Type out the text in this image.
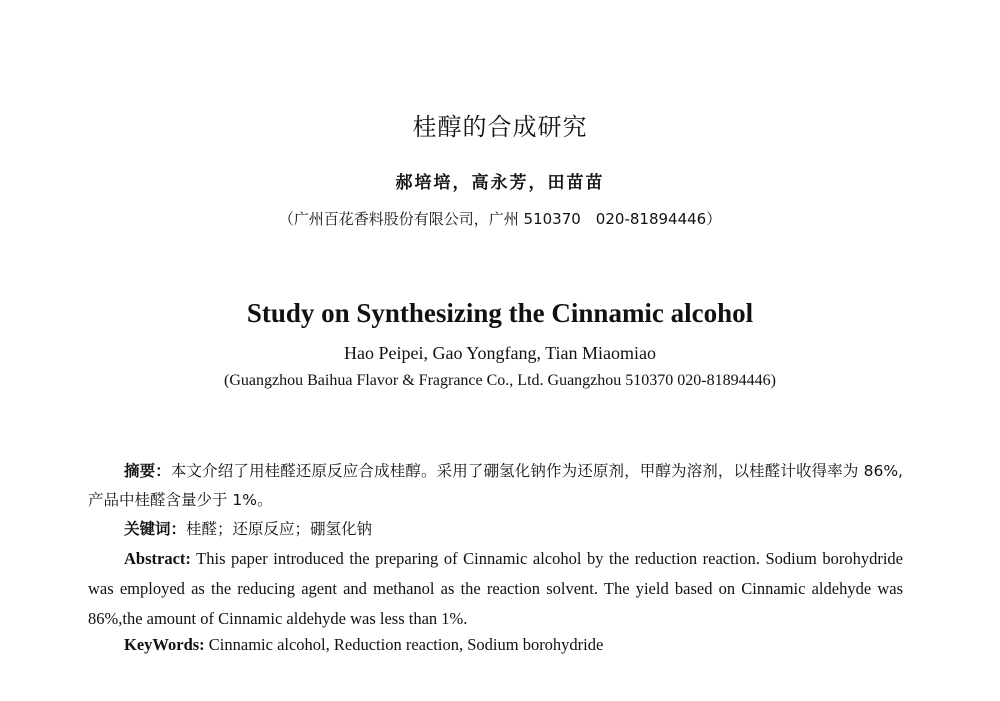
桂醇的合成研究
郝培培，高永芳，田苗苗
（广州百花香料股份有限公司，广州 510370　020-81894446）
Study on Synthesizing the Cinnamic alcohol
Hao Peipei, Gao Yongfang, Tian Miaomiao
(Guangzhou Baihua Flavor & Fragrance Co., Ltd. Guangzhou 510370 020-81894446)
摘要：本文介绍了用桂醛还原反应合成桂醇。采用了硼氢化钠作为还原剂，甲醇为溶剂，以桂醛计收得率为 86%,产品中桂醛含量少于 1%。
关键词：桂醛；还原反应；硼氢化钠
Abstract: This paper introduced the preparing of Cinnamic alcohol by the reduction reaction. Sodium borohydride was employed as the reducing agent and methanol as the reaction solvent. The yield based on Cinnamic aldehyde was 86%,the amount of Cinnamic aldehyde was less than 1%.
KeyWords: Cinnamic alcohol, Reduction reaction, Sodium borohydride
